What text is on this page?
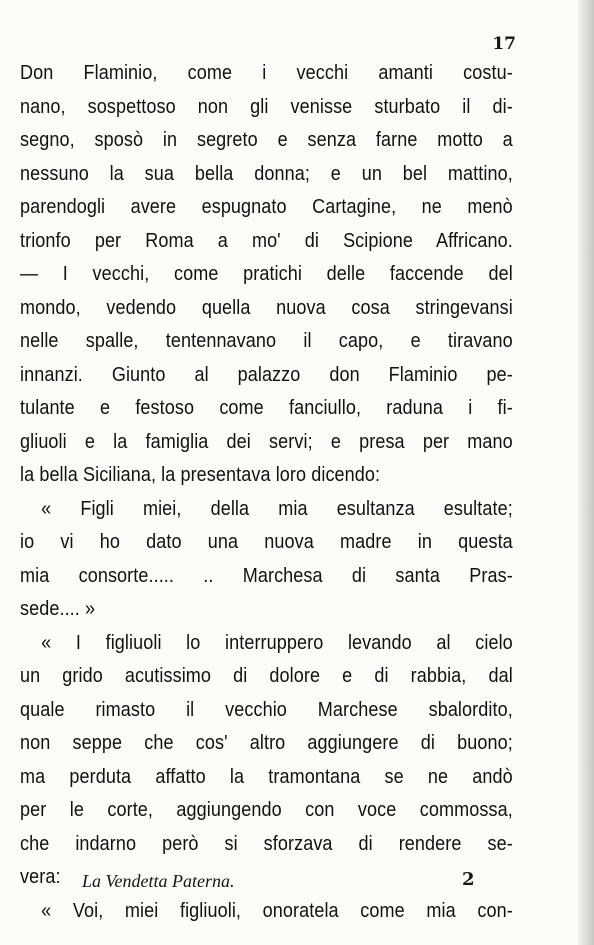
17
Don Flaminio, come i vecchi amanti costu-
nano, sospettoso non gli venisse sturbato il di-
segno, sposò in segreto e senza farne motto a
nessuno la sua bella donna; e un bel mattino,
parendogli avere espugnato Cartagine, ne menò
trionfo per Roma a mo' di Scipione Affricano.
— I vecchi, come pratichi delle faccende del
mondo, vedendo quella nuova cosa stringevansi
nelle spalle, tentennavano il capo, e tiravano
innanzi. Giunto al palazzo don Flaminio pe-
tulante e festoso come fanciullo, raduna i fi-
gliuoli e la famiglia dei servi; e presa per mano
la bella Siciliana, la presentava loro dicendo:
« Figli miei, della mia esultanza esultate;
io vi ho dato una nuova madre in questa
mia consorte..... .. Marchesa di santa Pras-
sede.... »
« I figliuoli lo interruppero levando al cielo
un grido acutissimo di dolore e di rabbia, dal
quale rimasto il vecchio Marchese sbalordito,
non seppe che cos' altro aggiungere di buono;
ma perduta affatto la tramontana se ne andò
per le corte, aggiungendo con voce commossa,
che indarno però si sforzava di rendere se-
vera:
« Voi, miei figliuoli, onoratela come mia con-
La Vendetta Paterna.	2
